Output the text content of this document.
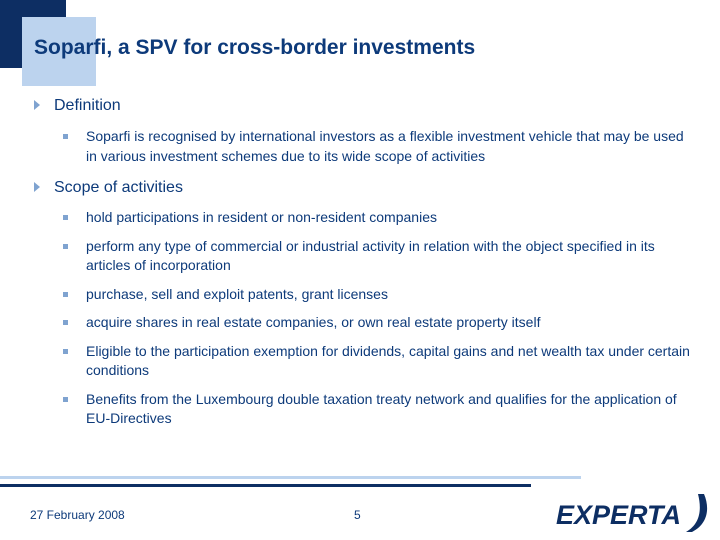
Soparfi, a SPV for cross-border investments
Definition
Soparfi is recognised by international investors as a flexible investment vehicle that may be used in various investment schemes due to its wide scope of activities
Scope of activities
hold participations in resident or non-resident companies
perform any type of commercial or industrial activity in relation with the object specified in its articles of incorporation
purchase, sell and exploit patents, grant licenses
acquire shares in real estate companies, or own real estate property itself
Eligible to the participation exemption for dividends, capital gains and net wealth tax under certain conditions
Benefits from the Luxembourg double taxation treaty network and qualifies for the application of EU-Directives
27 February 2008	5	EXPERTA
